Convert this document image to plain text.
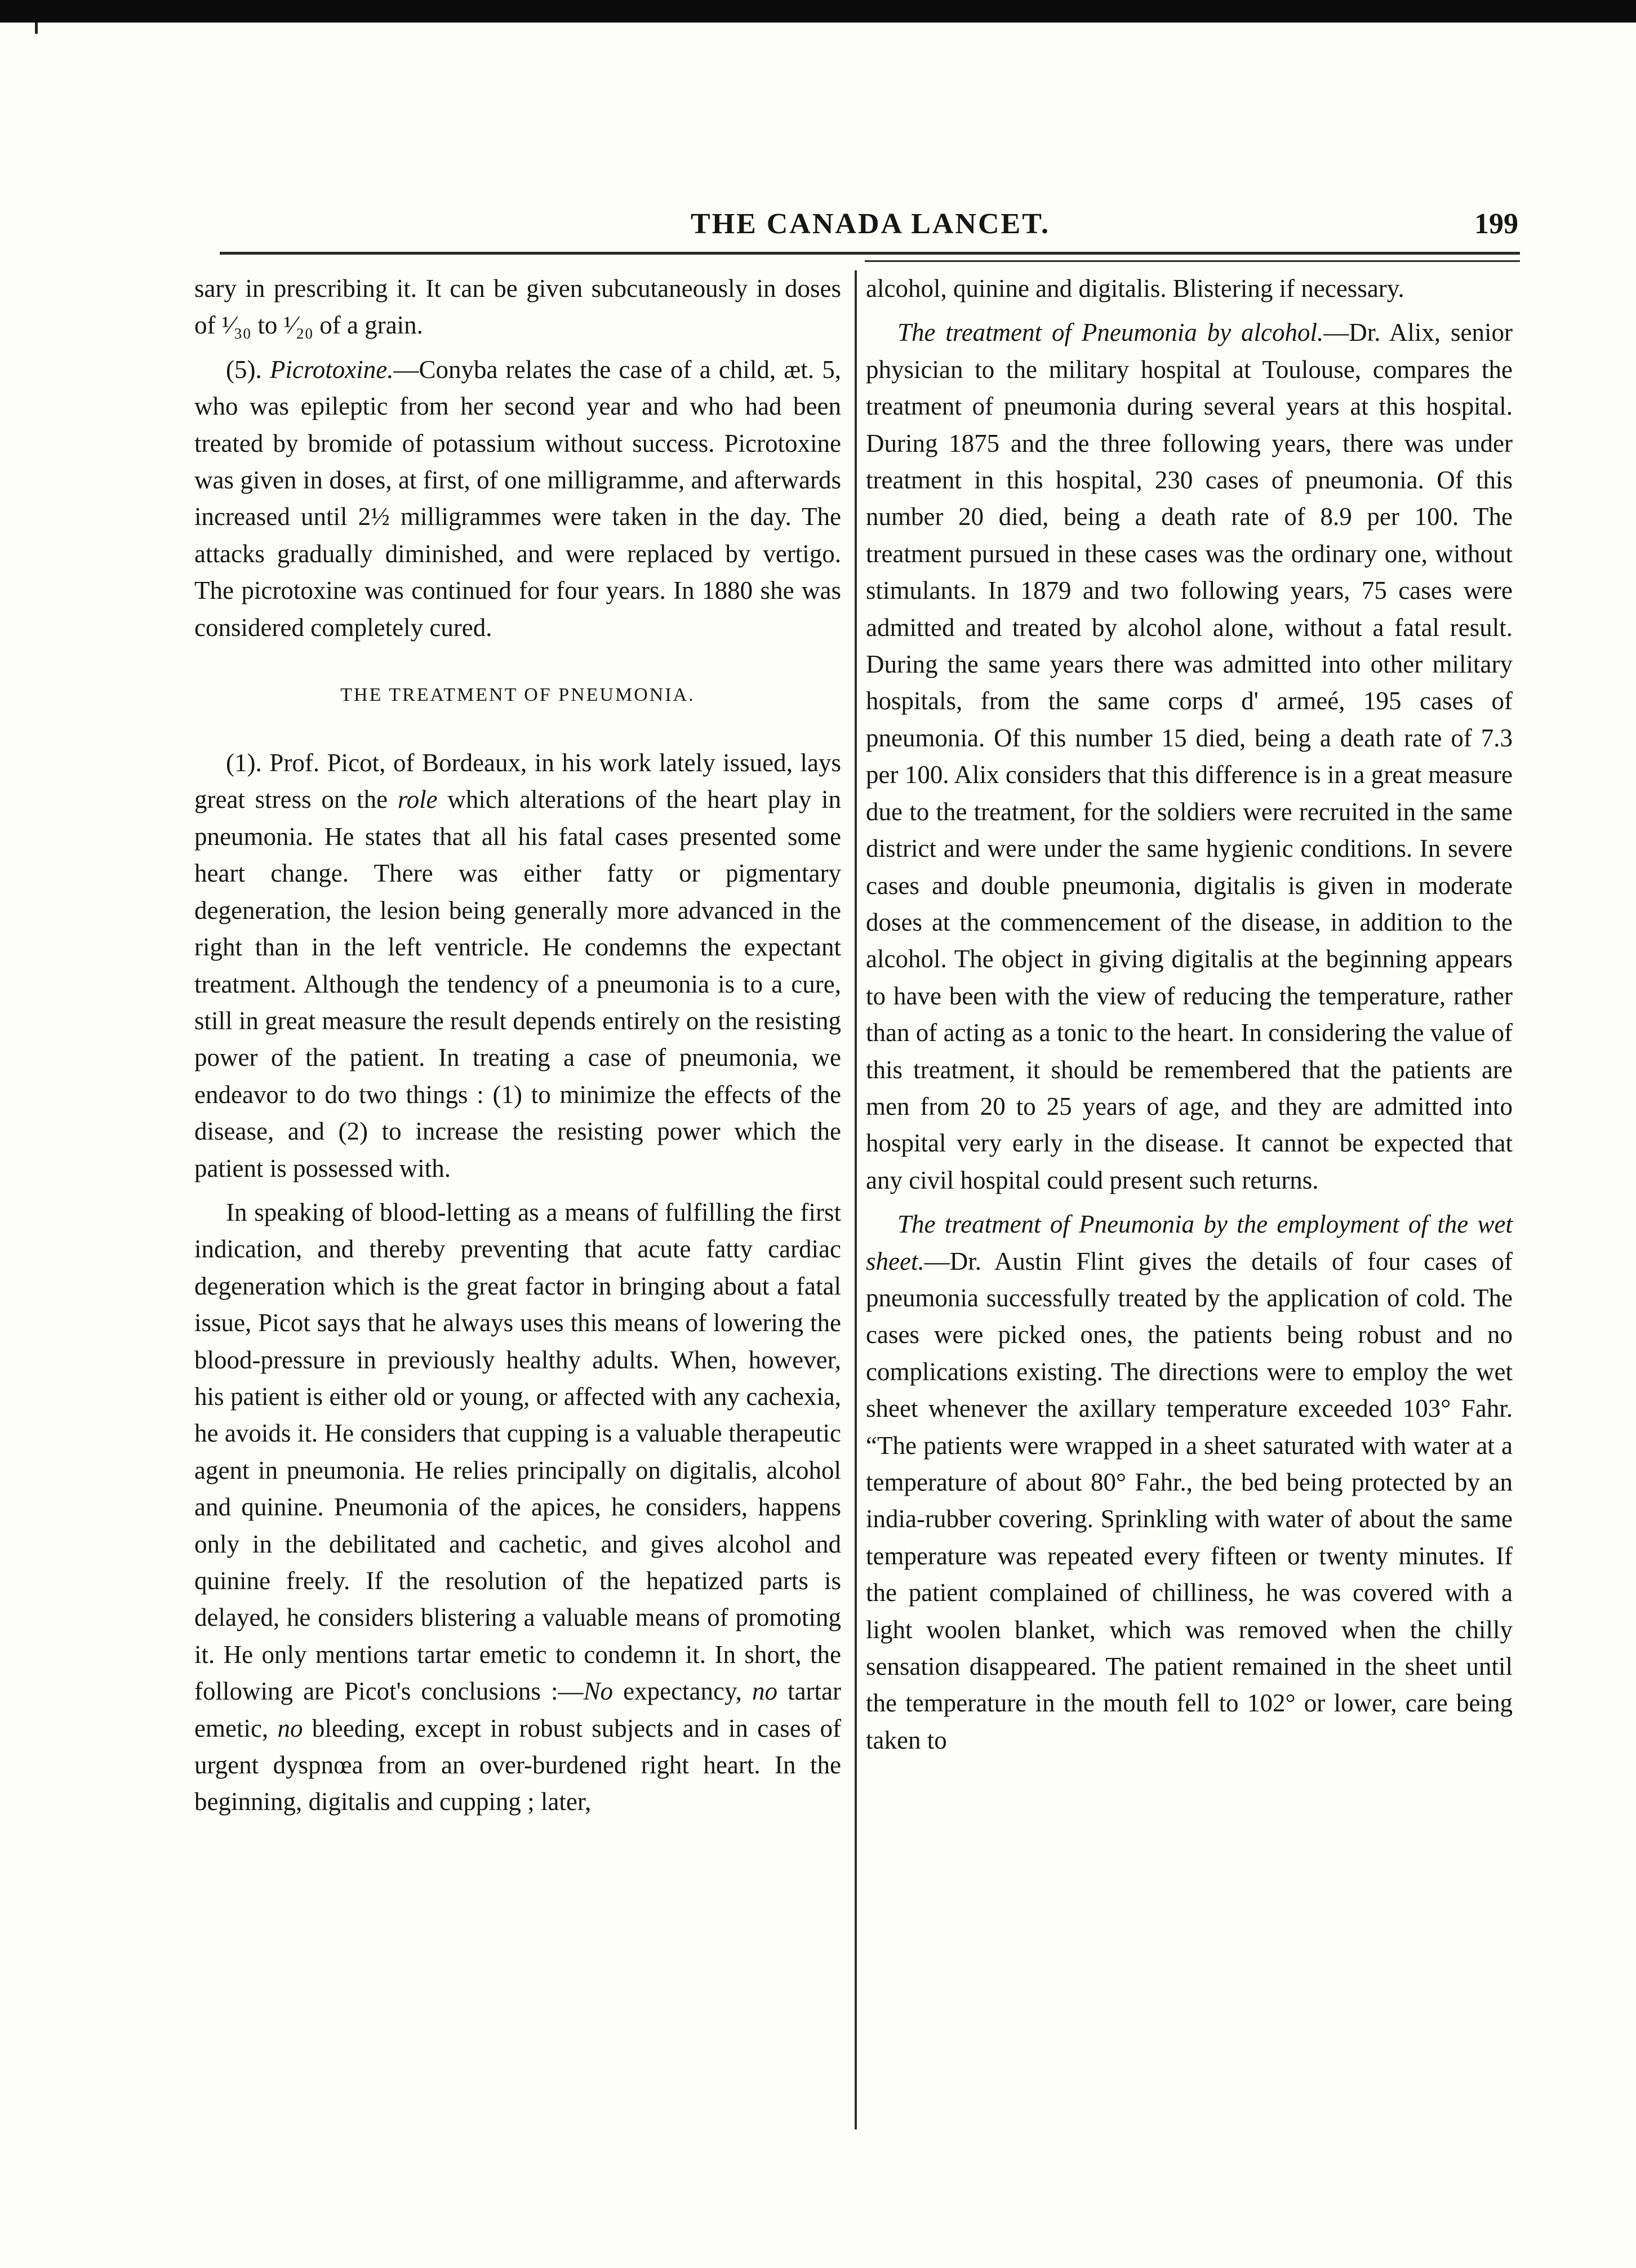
THE CANADA LANCET.	199

sary in prescribing it. It can be given subcutaneously in doses of ¹⁄₃₀ to ¹⁄₂₀ of a grain.

(5). Picrotoxine.—Conyba relates the case of a child, æt. 5, who was epileptic from her second year and who had been treated by bromide of potassium without success. Picrotoxine was given in doses, at first, of one milligramme, and afterwards increased until 2½ milligrammes were taken in the day. The attacks gradually diminished, and were replaced by vertigo. The picrotoxine was continued for four years. In 1880 she was considered completely cured.

THE TREATMENT OF PNEUMONIA.

(1). Prof. Picot, of Bordeaux, in his work lately issued, lays great stress on the role which alterations of the heart play in pneumonia. He states that all his fatal cases presented some heart change. There was either fatty or pigmentary degeneration, the lesion being generally more advanced in the right than in the left ventricle. He condemns the expectant treatment. Although the tendency of a pneumonia is to a cure, still in great measure the result depends entirely on the resisting power of the patient. In treating a case of pneumonia, we endeavor to do two things : (1) to minimize the effects of the disease, and (2) to increase the resisting power which the patient is possessed with.

In speaking of blood-letting as a means of fulfilling the first indication, and thereby preventing that acute fatty cardiac degeneration which is the great factor in bringing about a fatal issue, Picot says that he always uses this means of lowering the blood-pressure in previously healthy adults. When, however, his patient is either old or young, or affected with any cachexia, he avoids it. He considers that cupping is a valuable therapeutic agent in pneumonia. He relies principally on digitalis, alcohol and quinine. Pneumonia of the apices, he considers, happens only in the debilitated and cachetic, and gives alcohol and quinine freely. If the resolution of the hepatized parts is delayed, he considers blistering a valuable means of promoting it. He only mentions tartar emetic to condemn it. In short, the following are Picot's conclusions :—No expectancy, no tartar emetic, no bleeding, except in robust subjects and in cases of urgent dyspnœa from an over-burdened right heart. In the beginning, digitalis and cupping ; later,

alcohol, quinine and digitalis. Blistering if necessary.

The treatment of Pneumonia by alcohol.—Dr. Alix, senior physician to the military hospital at Toulouse, compares the treatment of pneumonia during several years at this hospital. During 1875 and the three following years, there was under treatment in this hospital, 230 cases of pneumonia. Of this number 20 died, being a death rate of 8.9 per 100. The treatment pursued in these cases was the ordinary one, without stimulants. In 1879 and two following years, 75 cases were admitted and treated by alcohol alone, without a fatal result. During the same years there was admitted into other military hospitals, from the same corps d' armeé, 195 cases of pneumonia. Of this number 15 died, being a death rate of 7.3 per 100. Alix considers that this difference is in a great measure due to the treatment, for the soldiers were recruited in the same district and were under the same hygienic conditions. In severe cases and double pneumonia, digitalis is given in moderate doses at the commencement of the disease, in addition to the alcohol. The object in giving digitalis at the beginning appears to have been with the view of reducing the temperature, rather than of acting as a tonic to the heart. In considering the value of this treatment, it should be remembered that the patients are men from 20 to 25 years of age, and they are admitted into hospital very early in the disease. It cannot be expected that any civil hospital could present such returns.

The treatment of Pneumonia by the employment of the wet sheet.—Dr. Austin Flint gives the details of four cases of pneumonia successfully treated by the application of cold. The cases were picked ones, the patients being robust and no complications existing. The directions were to employ the wet sheet whenever the axillary temperature exceeded 103° Fahr. “The patients were wrapped in a sheet saturated with water at a temperature of about 80° Fahr., the bed being protected by an india-rubber covering. Sprinkling with water of about the same temperature was repeated every fifteen or twenty minutes. If the patient complained of chilliness, he was covered with a light woolen blanket, which was removed when the chilly sensation disappeared. The patient remained in the sheet until the temperature in the mouth fell to 102° or lower, care being taken to
